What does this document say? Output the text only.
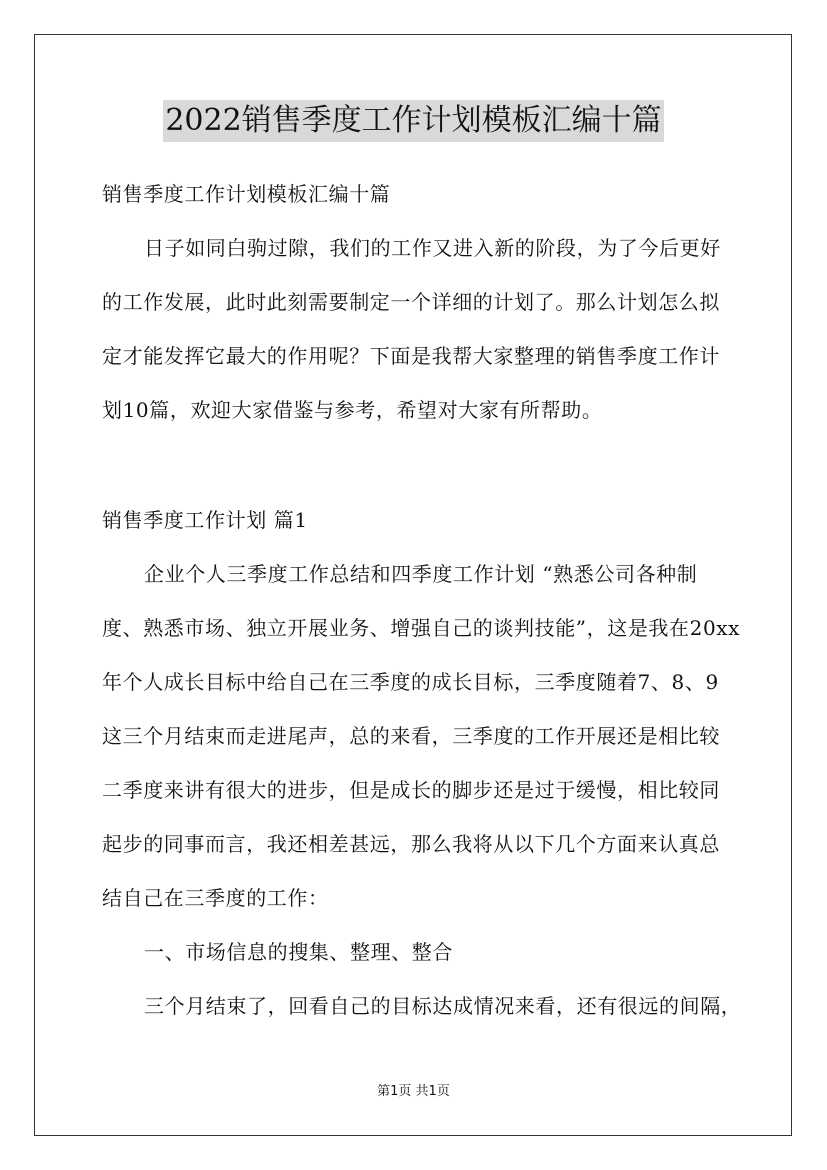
2022销售季度工作计划模板汇编十篇
销售季度工作计划模板汇编十篇
日子如同白驹过隙，我们的工作又进入新的阶段，为了今后更好
的工作发展，此时此刻需要制定一个详细的计划了。那么计划怎么拟
定才能发挥它最大的作用呢？下面是我帮大家整理的销售季度工作计
划10篇，欢迎大家借鉴与参考，希望对大家有所帮助。
销售季度工作计划 篇1
企业个人三季度工作总结和四季度工作计划 “熟悉公司各种制
度、熟悉市场、独立开展业务、增强自己的谈判技能”，这是我在20xx
年个人成长目标中给自己在三季度的成长目标，三季度随着7、8、9
这三个月结束而走进尾声，总的来看，三季度的工作开展还是相比较
二季度来讲有很大的进步，但是成长的脚步还是过于缓慢，相比较同
起步的同事而言，我还相差甚远，那么我将从以下几个方面来认真总
结自己在三季度的工作：
一、市场信息的搜集、整理、整合
三个月结束了，回看自己的目标达成情况来看，还有很远的间隔，
第1页 共1页
